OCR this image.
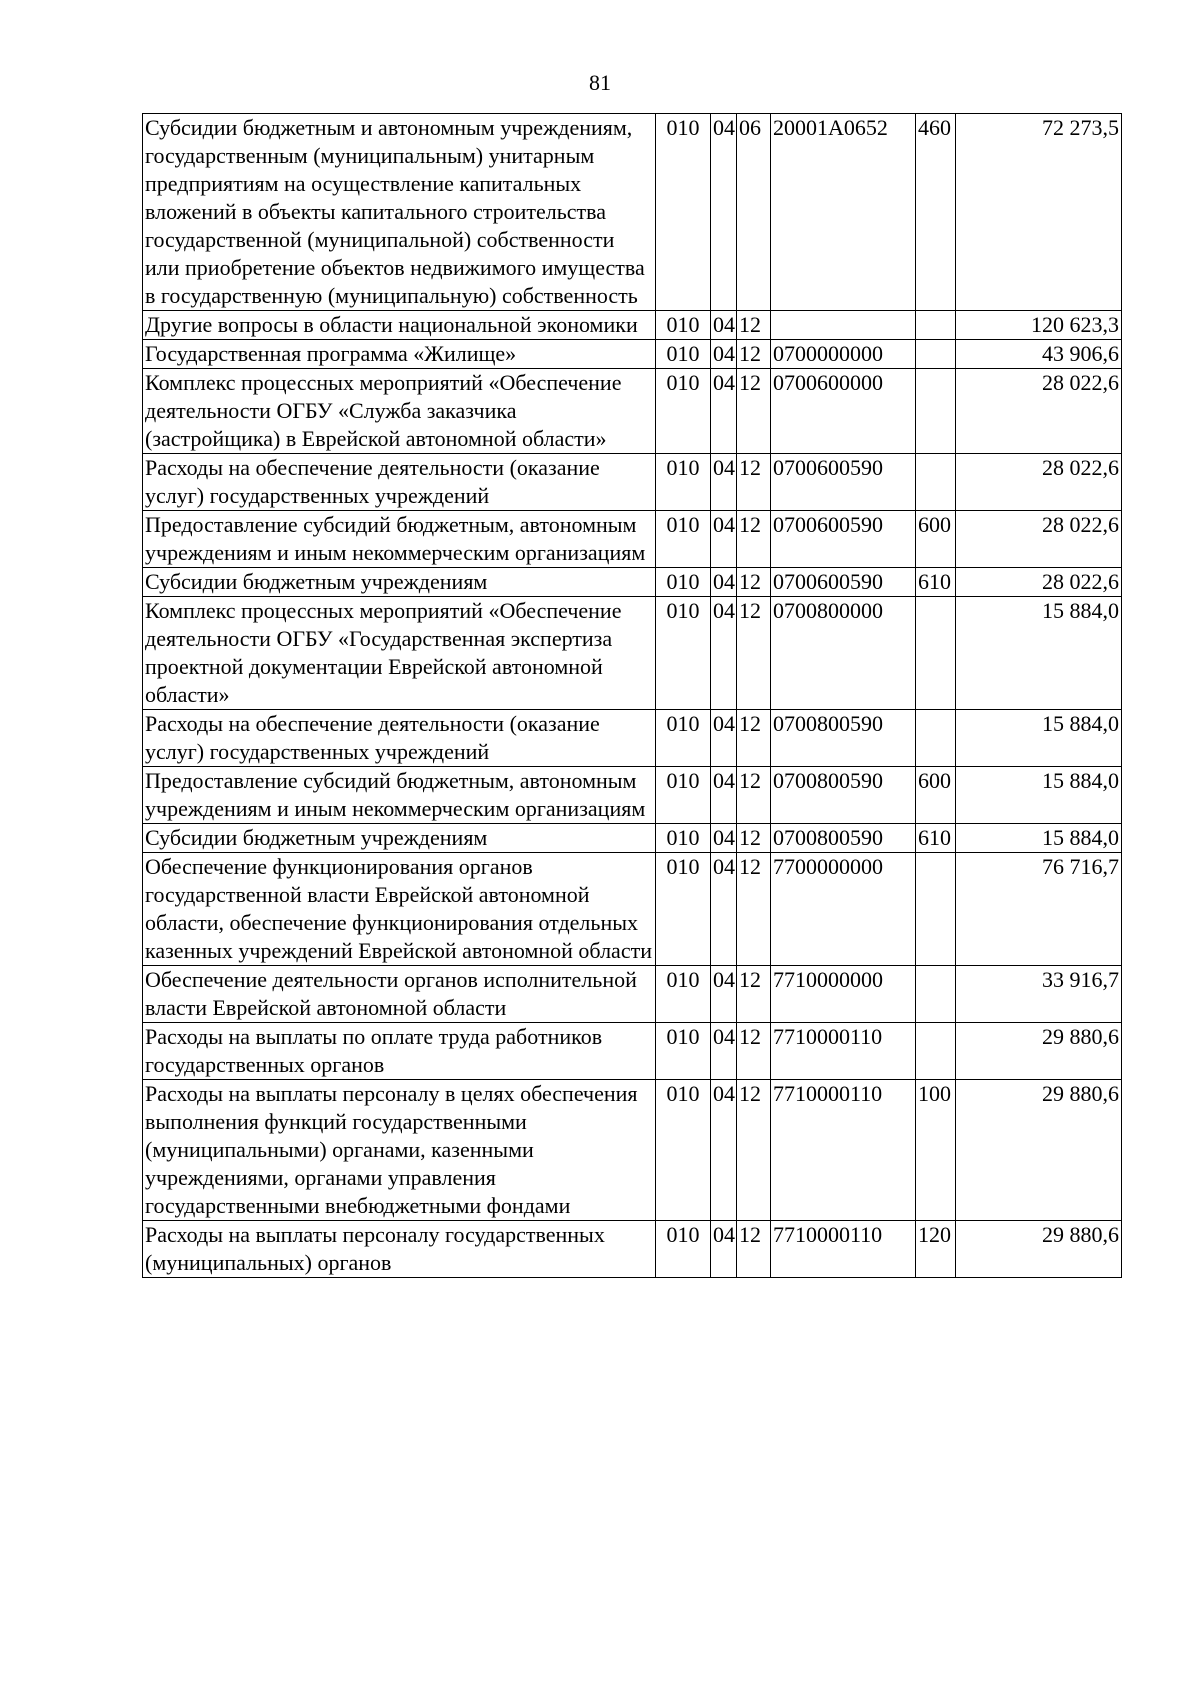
81
Субсидии бюджетным и автономным учреждениям, государственным (муниципальным) унитарным предприятиям на осуществление капитальных вложений в объекты капитального строительства государственной (муниципальной) собственности или приобретение объектов недвижимого имущества в государственную (муниципальную) собственность	010	04	06	20001А0652	460	72 273,5
Другие вопросы в области национальной экономики	010	04	12			120 623,3
Государственная программа «Жилище»	010	04	12	0700000000		43 906,6
Комплекс процессных мероприятий «Обеспечение деятельности ОГБУ «Служба заказчика (застройщика) в Еврейской автономной области»	010	04	12	0700600000		28 022,6
Расходы на обеспечение деятельности (оказание услуг) государственных учреждений	010	04	12	0700600590		28 022,6
Предоставление субсидий бюджетным, автономным учреждениям и иным некоммерческим организациям	010	04	12	0700600590	600	28 022,6
Субсидии бюджетным учреждениям	010	04	12	0700600590	610	28 022,6
Комплекс процессных мероприятий «Обеспечение деятельности ОГБУ «Государственная экспертиза проектной документации Еврейской автономной области»	010	04	12	0700800000		15 884,0
Расходы на обеспечение деятельности (оказание услуг) государственных учреждений	010	04	12	0700800590		15 884,0
Предоставление субсидий бюджетным, автономным учреждениям и иным некоммерческим организациям	010	04	12	0700800590	600	15 884,0
Субсидии бюджетным учреждениям	010	04	12	0700800590	610	15 884,0
Обеспечение функционирования органов государственной власти Еврейской автономной области, обеспечение функционирования отдельных казенных учреждений Еврейской автономной области	010	04	12	7700000000		76 716,7
Обеспечение деятельности органов исполнительной власти Еврейской автономной области	010	04	12	7710000000		33 916,7
Расходы на выплаты по оплате труда работников государственных органов	010	04	12	7710000110		29 880,6
Расходы на выплаты персоналу в целях обеспечения выполнения функций государственными (муниципальными) органами, казенными учреждениями, органами управления государственными внебюджетными фондами	010	04	12	7710000110	100	29 880,6
Расходы на выплаты персоналу государственных (муниципальных) органов	010	04	12	7710000110	120	29 880,6
